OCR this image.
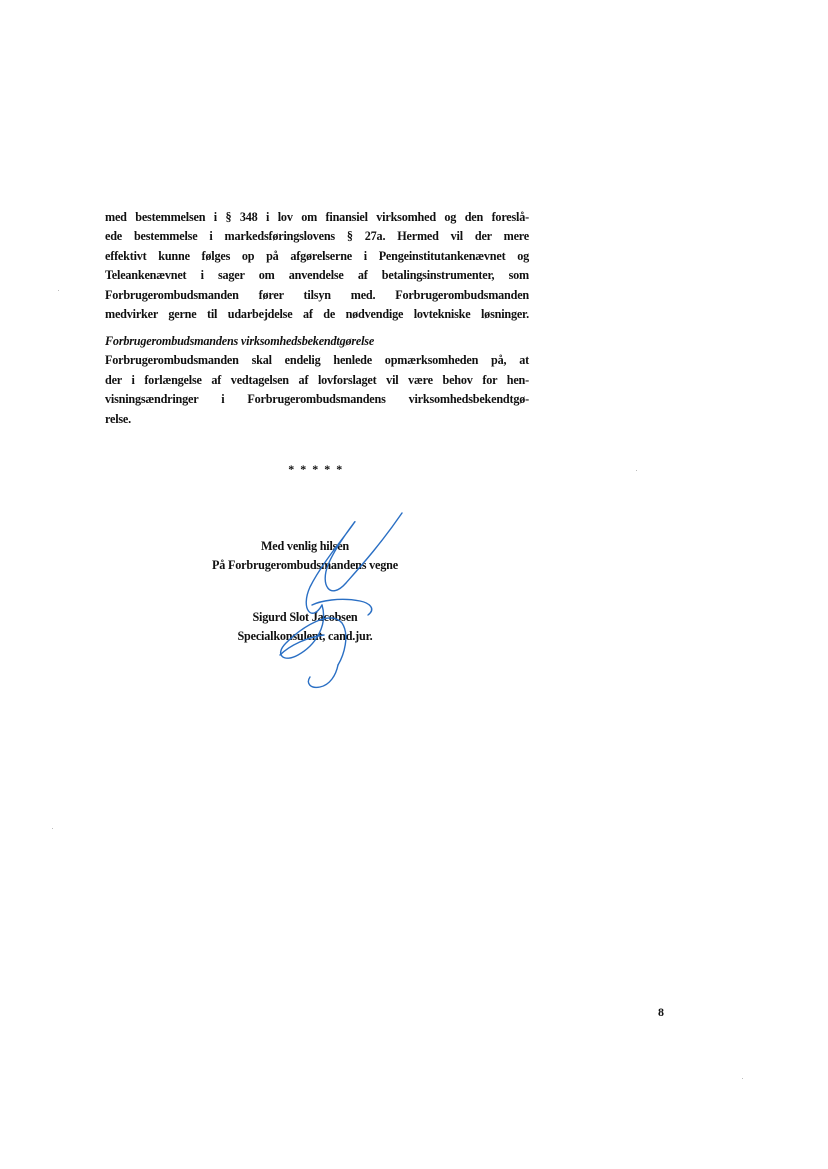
med bestemmelsen i § 348 i lov om finansiel virksomhed og den foreslå-
ede bestemmelse i markedsføringslovens § 27a. Hermed vil der mere
effektivt kunne følges op på afgørelserne i Pengeinstitutankenævnet og
Teleankenævnet i sager om anvendelse af betalingsinstrumenter, som
Forbrugerombudsmanden fører tilsyn med. Forbrugerombudsmanden
medvirker gerne til udarbejdelse af de nødvendige lovtekniske løsninger.
Forbrugerombudsmandens virksomhedsbekendtgørelse
Forbrugerombudsmanden skal endelig henlede opmærksomheden på, at
der i forlængelse af vedtagelsen af lovforslaget vil være behov for hen-
visningsændringer i Forbrugerombudsmandens virksomhedsbekendtgø-
relse.
* * * * *
Med venlig hilsen
På Forbrugerombudsmandens vegne
Sigurd Slot Jacobsen
Specialkonsulent, cand.jur.
8
